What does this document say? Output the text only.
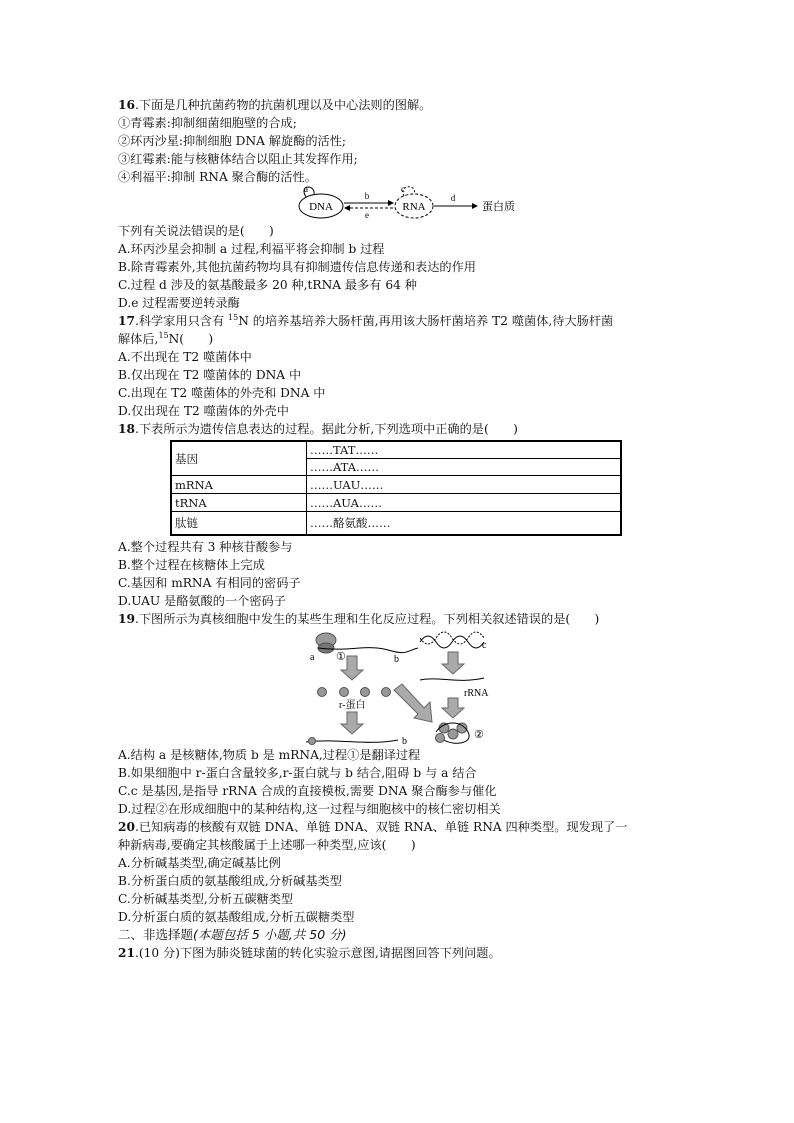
16.下面是几种抗菌药物的抗菌机理以及中心法则的图解。
①青霉素:抑制细菌细胞壁的合成;
②环丙沙星:抑制细胞 DNA 解旋酶的活性;
③红霉素:能与核糖体结合以阻止其发挥作用;
④利福平:抑制 RNA 聚合酶的活性。
DNA
a
b
e
RNA
c
d
蛋白质
下列有关说法错误的是(　　)
A.环丙沙星会抑制 a 过程,利福平将会抑制 b 过程
B.除青霉素外,其他抗菌药物均具有抑制遗传信息传递和表达的作用
C.过程 d 涉及的氨基酸最多 20 种,tRNA 最多有 64 种
D.e 过程需要逆转录酶
17.科学家用只含有 $^{15}$N 的培养基培养大肠杆菌,再用该大肠杆菌培养 T2 噬菌体,待大肠杆菌
解体后,$^{15}$N(　　)
A.不出现在 T2 噬菌体中
B.仅出现在 T2 噬菌体的 DNA 中
C.出现在 T2 噬菌体的外壳和 DNA 中
D.仅出现在 T2 噬菌体的外壳中
18.下表所示为遗传信息表达的过程。据此分析,下列选项中正确的是(　　)
基因	……TAT……
……ATA……

mRNA	……UAU……
tRNA	……AUA……
肽链	……酪氨酸……
A.整个过程共有 3 种核苷酸参与
B.整个过程在核糖体上完成
C.基因和 mRNA 有相同的密码子
D.UAU 是酪氨酸的一个密码子
19.下图所示为真核细胞中发生的某些生理和生化反应过程。下列相关叙述错误的是(　　)
a ①	b
r-蛋白
b
c
rRNA
②
A.结构 a 是核糖体,物质 b 是 mRNA,过程①是翻译过程
B.如果细胞中 r-蛋白含量较多,r-蛋白就与 b 结合,阻碍 b 与 a 结合
C.c 是基因,是指导 rRNA 合成的直接模板,需要 DNA 聚合酶参与催化
D.过程②在形成细胞中的某种结构,这一过程与细胞核中的核仁密切相关
20.已知病毒的核酸有双链 DNA、单链 DNA、双链 RNA、单链 RNA 四种类型。现发现了一
种新病毒,要确定其核酸属于上述哪一种类型,应该(　　)
A.分析碱基类型,确定碱基比例
B.分析蛋白质的氨基酸组成,分析碱基类型
C.分析碱基类型,分析五碳糖类型
D.分析蛋白质的氨基酸组成,分析五碳糖类型
二、非选择题(本题包括 5 小题,共 50 分)
21.(10 分)下图为肺炎链球菌的转化实验示意图,请据图回答下列问题。
